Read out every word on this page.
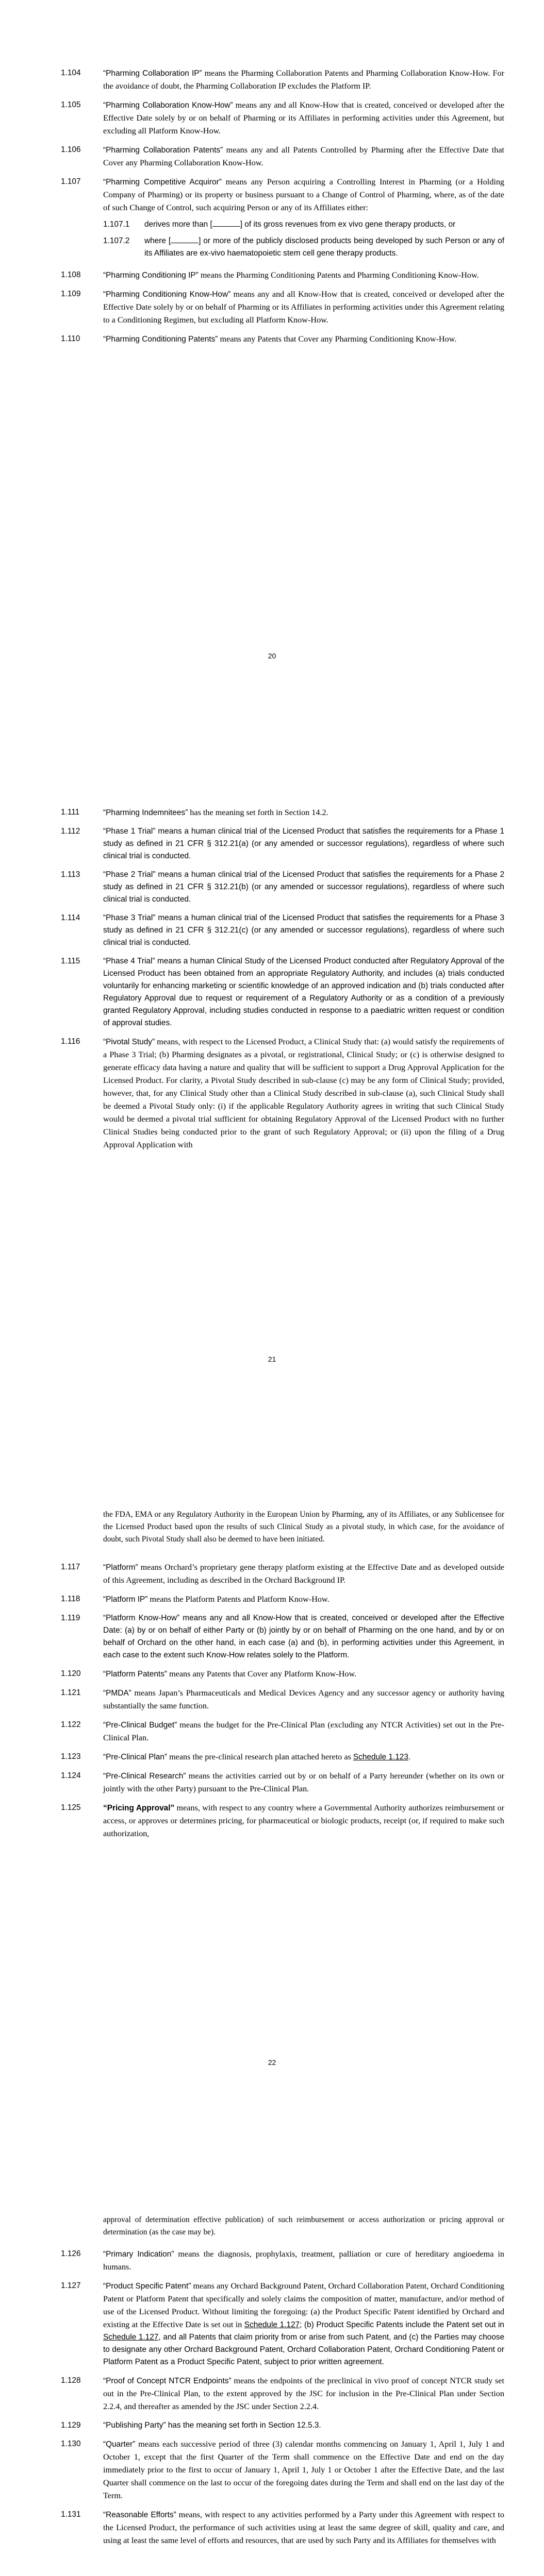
1.104	“Pharming Collaboration IP” means the Pharming Collaboration Patents and Pharming Collaboration Know-How. For the avoidance of doubt, the Pharming Collaboration IP excludes the Platform IP.
1.105	“Pharming Collaboration Know-How” means any and all Know-How that is created, conceived or developed after the Effective Date solely by or on behalf of Pharming or its Affiliates in performing activities under this Agreement, but excluding all Platform Know-How.
1.106	“Pharming Collaboration Patents” means any and all Patents Controlled by Pharming after the Effective Date that Cover any Pharming Collaboration Know-How.
1.107	“Pharming Competitive Acquiror” means any Person acquiring a Controlling Interest in Pharming (or a Holding Company of Pharming) or its property or business pursuant to a Change of Control of Pharming, where, as of the date of such Change of Control, such acquiring Person or any of its Affiliates either:
1.107.1	derives more than [	] of its gross revenues from ex vivo gene therapy products, or
1.107.2	where [	] or more of the publicly disclosed products being developed by such Person or any of its Affiliates are ex-vivo haematopoietic stem cell gene therapy products.
1.108	“Pharming Conditioning IP” means the Pharming Conditioning Patents and Pharming Conditioning Know-How.
1.109	“Pharming Conditioning Know-How” means any and all Know-How that is created, conceived or developed after the Effective Date solely by or on behalf of Pharming or its Affiliates in performing activities under this Agreement relating to a Conditioning Regimen, but excluding all Platform Know-How.
1.110	“Pharming Conditioning Patents” means any Patents that Cover any Pharming Conditioning Know-How.
20
1.111	“Pharming Indemnitees” has the meaning set forth in Section 14.2.
1.112	“Phase 1 Trial” means a human clinical trial of the Licensed Product that satisfies the requirements for a Phase 1 study as defined in 21 CFR § 312.21(a) (or any amended or successor regulations), regardless of where such clinical trial is conducted.
1.113	“Phase 2 Trial” means a human clinical trial of the Licensed Product that satisfies the requirements for a Phase 2 study as defined in 21 CFR § 312.21(b) (or any amended or successor regulations), regardless of where such clinical trial is conducted.
1.114	“Phase 3 Trial” means a human clinical trial of the Licensed Product that satisfies the requirements for a Phase 3 study as defined in 21 CFR § 312.21(c) (or any amended or successor regulations), regardless of where such clinical trial is conducted.
1.115	“Phase 4 Trial” means a human Clinical Study of the Licensed Product conducted after Regulatory Approval of the Licensed Product has been obtained from an appropriate Regulatory Authority, and includes (a) trials conducted voluntarily for enhancing marketing or scientific knowledge of an approved indication and (b) trials conducted after Regulatory Approval due to request or requirement of a Regulatory Authority or as a condition of a previously granted Regulatory Approval, including studies conducted in response to a paediatric written request or condition of approval studies.
1.116	“Pivotal Study” means, with respect to the Licensed Product, a Clinical Study that: (a) would satisfy the requirements of a Phase 3 Trial; (b) Pharming designates as a pivotal, or registrational, Clinical Study; or (c) is otherwise designed to generate efficacy data having a nature and quality that will be sufficient to support a Drug Approval Application for the Licensed Product. For clarity, a Pivotal Study described in sub-clause (c) may be any form of Clinical Study; provided, however, that, for any Clinical Study other than a Clinical Study described in sub-clause (a), such Clinical Study shall be deemed a Pivotal Study only: (i) if the applicable Regulatory Authority agrees in writing that such Clinical Study would be deemed a pivotal trial sufficient for obtaining Regulatory Approval of the Licensed Product with no further Clinical Studies being conducted prior to the grant of such Regulatory Approval; or (ii) upon the filing of a Drug Approval Application with
21
the FDA, EMA or any Regulatory Authority in the European Union by Pharming, any of its Affiliates, or any Sublicensee for the Licensed Product based upon the results of such Clinical Study as a pivotal study, in which case, for the avoidance of doubt, such Pivotal Study shall also be deemed to have been initiated.
1.117	“Platform” means Orchard’s proprietary gene therapy platform existing at the Effective Date and as developed outside of this Agreement, including as described in the Orchard Background IP.
1.118	“Platform IP” means the Platform Patents and Platform Know-How.
1.119	“Platform Know-How” means any and all Know-How that is created, conceived or developed after the Effective Date: (a) by or on behalf of either Party or (b) jointly by or on behalf of Pharming on the one hand, and by or on behalf of Orchard on the other hand, in each case (a) and (b), in performing activities under this Agreement, in each case to the extent such Know-How relates solely to the Platform.
1.120	“Platform Patents” means any Patents that Cover any Platform Know-How.
1.121	“PMDA” means Japan’s Pharmaceuticals and Medical Devices Agency and any successor agency or authority having substantially the same function.
1.122	“Pre-Clinical Budget” means the budget for the Pre-Clinical Plan (excluding any NTCR Activities) set out in the Pre-Clinical Plan.
1.123	“Pre-Clinical Plan” means the pre-clinical research plan attached hereto as Schedule 1.123.
1.124	“Pre-Clinical Research” means the activities carried out by or on behalf of a Party hereunder (whether on its own or jointly with the other Party) pursuant to the Pre-Clinical Plan.
1.125	“Pricing Approval” means, with respect to any country where a Governmental Authority authorizes reimbursement or access, or approves or determines pricing, for pharmaceutical or biologic products, receipt (or, if required to make such authorization,
22
approval of determination effective publication) of such reimbursement or access authorization or pricing approval or determination (as the case may be).
1.126	“Primary Indication” means the diagnosis, prophylaxis, treatment, palliation or cure of hereditary angioedema in humans.
1.127	“Product Specific Patent” means any Orchard Background Patent, Orchard Collaboration Patent, Orchard Conditioning Patent or Platform Patent that specifically and solely claims the composition of matter, manufacture, and/or method of use of the Licensed Product. Without limiting the foregoing: (a) the Product Specific Patent identified by Orchard and existing at the Effective Date is set out in Schedule 1.127; (b) Product Specific Patents include the Patent set out in Schedule 1.127, and all Patents that claim priority from or arise from such Patent, and (c) the Parties may choose to designate any other Orchard Background Patent, Orchard Collaboration Patent, Orchard Conditioning Patent or Platform Patent as a Product Specific Patent, subject to prior written agreement.
1.128	“Proof of Concept NTCR Endpoints” means the endpoints of the preclinical in vivo proof of concept NTCR study set out in the Pre-Clinical Plan, to the extent approved by the JSC for inclusion in the Pre-Clinical Plan under Section 2.2.4, and thereafter as amended by the JSC under Section 2.2.4.
1.129	“Publishing Party” has the meaning set forth in Section 12.5.3.
1.130	“Quarter” means each successive period of three (3) calendar months commencing on January 1, April 1, July 1 and October 1, except that the first Quarter of the Term shall commence on the Effective Date and end on the day immediately prior to the first to occur of January 1, April 1, July 1 or October 1 after the Effective Date, and the last Quarter shall commence on the last to occur of the foregoing dates during the Term and shall end on the last day of the Term.
1.131	“Reasonable Efforts” means, with respect to any activities performed by a Party under this Agreement with respect to the Licensed Product, the performance of such activities using at least the same degree of skill, quality and care, and using at least the same level of efforts and resources, that are used by such Party and its Affiliates for themselves with
